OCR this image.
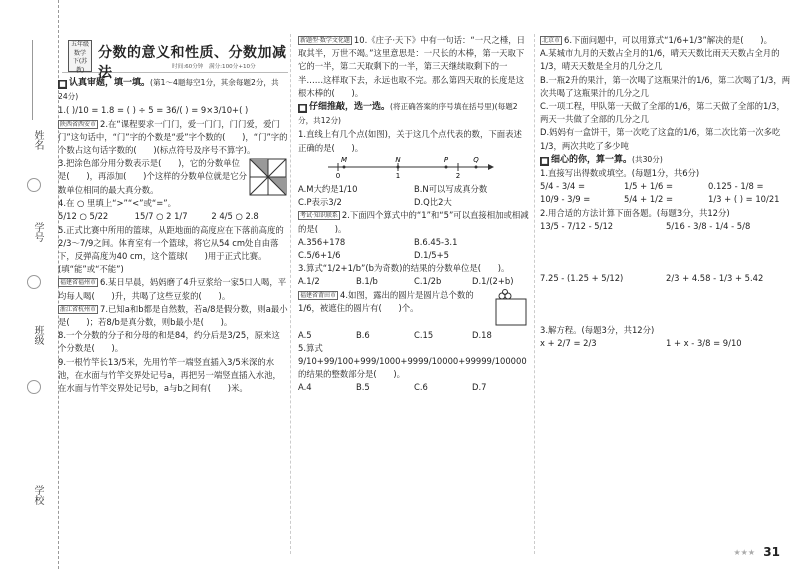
姓名
学号
班级
学校
五年级
数学
下(苏教)
分数的意义和性质、分数加减法	时间:60分钟　满分:100分+10分

■ 认真审题，填一填。(第1～4题每空1分，其余每题2分，共24分)

1.( )/10 = 1.8 = ( ) ÷ 5 = 36/( ) = 9×3/10+( )

陕西省西安市 2.在“课程要求一门门，爱一门门，门门爱，爱门门”这句话中，“门”字的个数是“爱”字个数的(　　)，“门”字的个数占这句话字数的(　　)(标点符号及序号不算字)。

3.把涂色部分用分数表示是(　　)，它的分数单位是(　　)，再添加(　　)个这样的分数单位就是它分数单位相同的最大真分数。

4.在 ○ 里填上“>”“<”或“=”。

5/12 ○ 5/22	15/7 ○ 2 1/7	2 4/5 ○ 2.8

5.正式比赛中所用的篮球，从距地面的高度应在下落前高度的2/3～7/9之间。体育室有一个篮球，将它从54 cm处自由落下，反弹高度为40 cm，这个篮球(　　)用于正式比赛。(填“能”或“不能”)

福建省福州市 6.某日早晨，妈妈磨了4升豆浆给一家5口人喝，平均每人喝(　　)升，共喝了这些豆浆的(　　)。

浙江省杭州市 7.已知a和b都是自然数，若a/8是假分数，则a最小是(　　)；若8/b是真分数，则b最小是(　　)。

8.一个分数的分子和分母的和是84，约分后是3/25，原来这个分数是(　　)。

9.一根竹竿长13/5米，先用竹竿一端竖直插入3/5米深的水池，在水面与竹竿交界处记号a，再把另一端竖直插入水池，在水面与竹竿交界处记号b，a与b之间有(　　)米。

新题型·数学文化题 10.《庄子·天下》中有一句话：“一尺之棰，日取其半，万世不竭。”这里意思是：一尺长的木棒，第一天取下它的一半，第二天取剩下的一半，第三天继续取剩下的一半……这样取下去，永远也取不完。那么第四天取的长度是这根木棒的(　　)。

■ 仔细推敲，选一选。(将正确答案的序号填在括号里)(每题2分，共12分)

1.直线上有几个点(如图)，关于这几个点代表的数，下面表述正确的是(　　)。

M	N	P	Q
0	1	2

A.M大约是1/10	B.N可以写成真分数

C.P表示3/2	D.Q比2大

考试·知识联系 2.下面四个算式中的“1”和“5”可以直接相加或相减的是(　　)。

A.356+178	B.6.45-3.1

C.5/6+1/6	D.1/5+5

3.算式“1/2+1/b”(b为奇数)的结果的分数单位是(　　)。

A.1/2	B.1/b	C.1/2b	D.1/(2+b)

福建省莆田市 4.如图，露出的圆片是圆片总个数的1/6，被遮住的圆片有(　　)个。

A.5	B.6	C.15	D.18

5.算式9/10+99/100+999/1000+9999/10000+99999/100000的结果的整数部分是(　　)。

A.4	B.5	C.6	D.7

北京市 6.下面问题中，可以用算式“1/6+1/3”解决的是(　　)。

A.某城市九月的天数占全月的1/6，晴天天数比雨天天数占全月的1/3，晴天天数是全月的几分之几

B.一瓶2升的果汁，第一次喝了这瓶果汁的1/6，第二次喝了1/3，两次共喝了这瓶果汁的几分之几

C.一项工程，甲队第一天做了全部的1/6，第二天做了全部的1/3，两天一共做了全部的几分之几

D.妈妈有一盒饼干，第一次吃了这盒的1/6，第二次比第一次多吃1/3，两次共吃了多少吨

■ 细心的你，算一算。(共30分)

1.直接写出得数或填空。(每题1分，共6分)

5/4 - 3/4 =	1/5 + 1/6 =	0.125 - 1/8 =

10/9 - 3/9 =	5/4 + 1/2 =	1/3 + ( ) = 10/21

2.用合适的方法计算下面各题。(每题3分，共12分)

13/5 - 7/12 - 5/12	5/16 - 3/8 - 1/4 - 5/8

7.25 - (1.25 + 5/12)	2/3 + 4.58 - 1/3 + 5.42

3.解方程。(每题3分，共12分)

x + 2/7 = 2/3	1 + x - 3/8 = 9/10

★★★ 31
